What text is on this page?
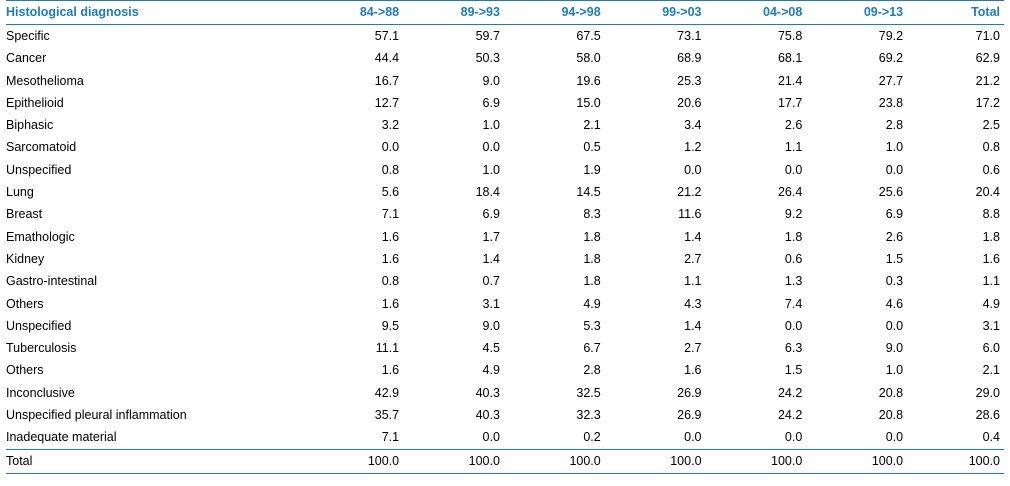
Histological diagnosis	84->88	89->93	94->98	99->03	04->08	09->13	Total
Specific	57.1	59.7	67.5	73.1	75.8	79.2	71.0
Cancer	44.4	50.3	58.0	68.9	68.1	69.2	62.9
Mesothelioma	16.7	9.0	19.6	25.3	21.4	27.7	21.2
Epithelioid	12.7	6.9	15.0	20.6	17.7	23.8	17.2
Biphasic	3.2	1.0	2.1	3.4	2.6	2.8	2.5
Sarcomatoid	0.0	0.0	0.5	1.2	1.1	1.0	0.8
Unspecified	0.8	1.0	1.9	0.0	0.0	0.0	0.6
Lung	5.6	18.4	14.5	21.2	26.4	25.6	20.4
Breast	7.1	6.9	8.3	11.6	9.2	6.9	8.8
Emathologic	1.6	1.7	1.8	1.4	1.8	2.6	1.8
Kidney	1.6	1.4	1.8	2.7	0.6	1.5	1.6
Gastro-intestinal	0.8	0.7	1.8	1.1	1.3	0.3	1.1
Others	1.6	3.1	4.9	4.3	7.4	4.6	4.9
Unspecified	9.5	9.0	5.3	1.4	0.0	0.0	3.1
Tuberculosis	11.1	4.5	6.7	2.7	6.3	9.0	6.0
Others	1.6	4.9	2.8	1.6	1.5	1.0	2.1
Inconclusive	42.9	40.3	32.5	26.9	24.2	20.8	29.0
Unspecified pleural inflammation	35.7	40.3	32.3	26.9	24.2	20.8	28.6
Inadequate material	7.1	0.0	0.2	0.0	0.0	0.0	0.4
Total	100.0	100.0	100.0	100.0	100.0	100.0	100.0
